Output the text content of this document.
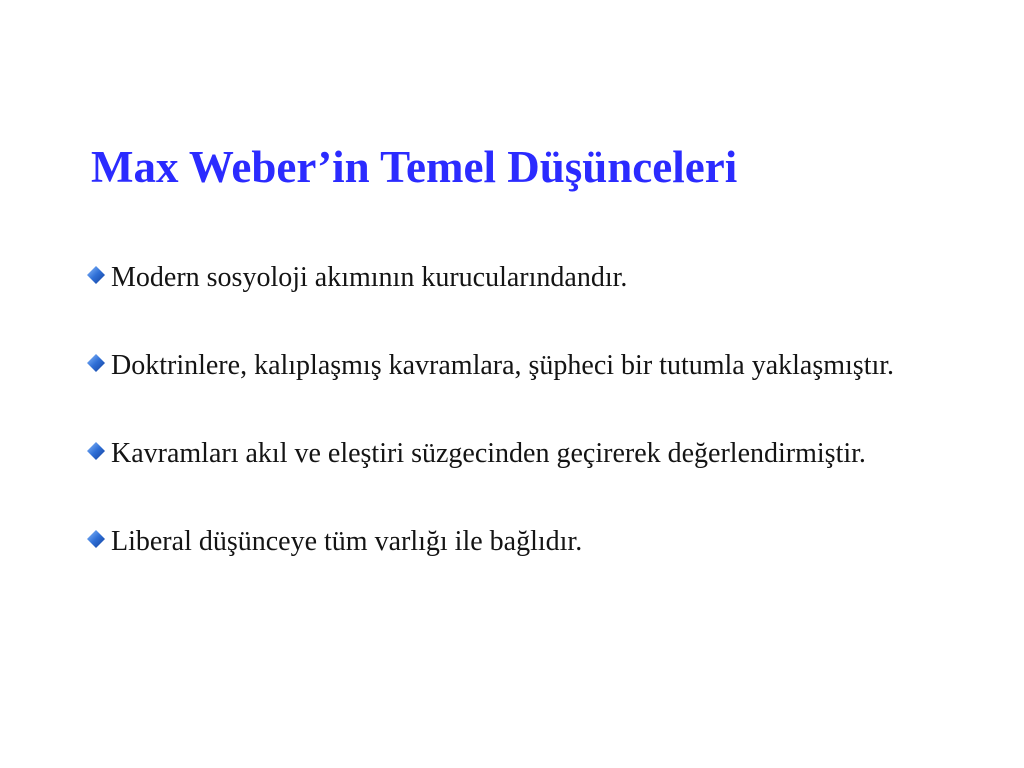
Max Weber’in Temel Düşünceleri
Modern sosyoloji akımının kurucularındandır.
Doktrinlere, kalıplaşmış kavramlara, şüpheci bir tutumla yaklaşmıştır.
Kavramları akıl ve eleştiri süzgecinden geçirerek değerlendirmiştir.
Liberal düşünceye tüm varlığı ile bağlıdır.
